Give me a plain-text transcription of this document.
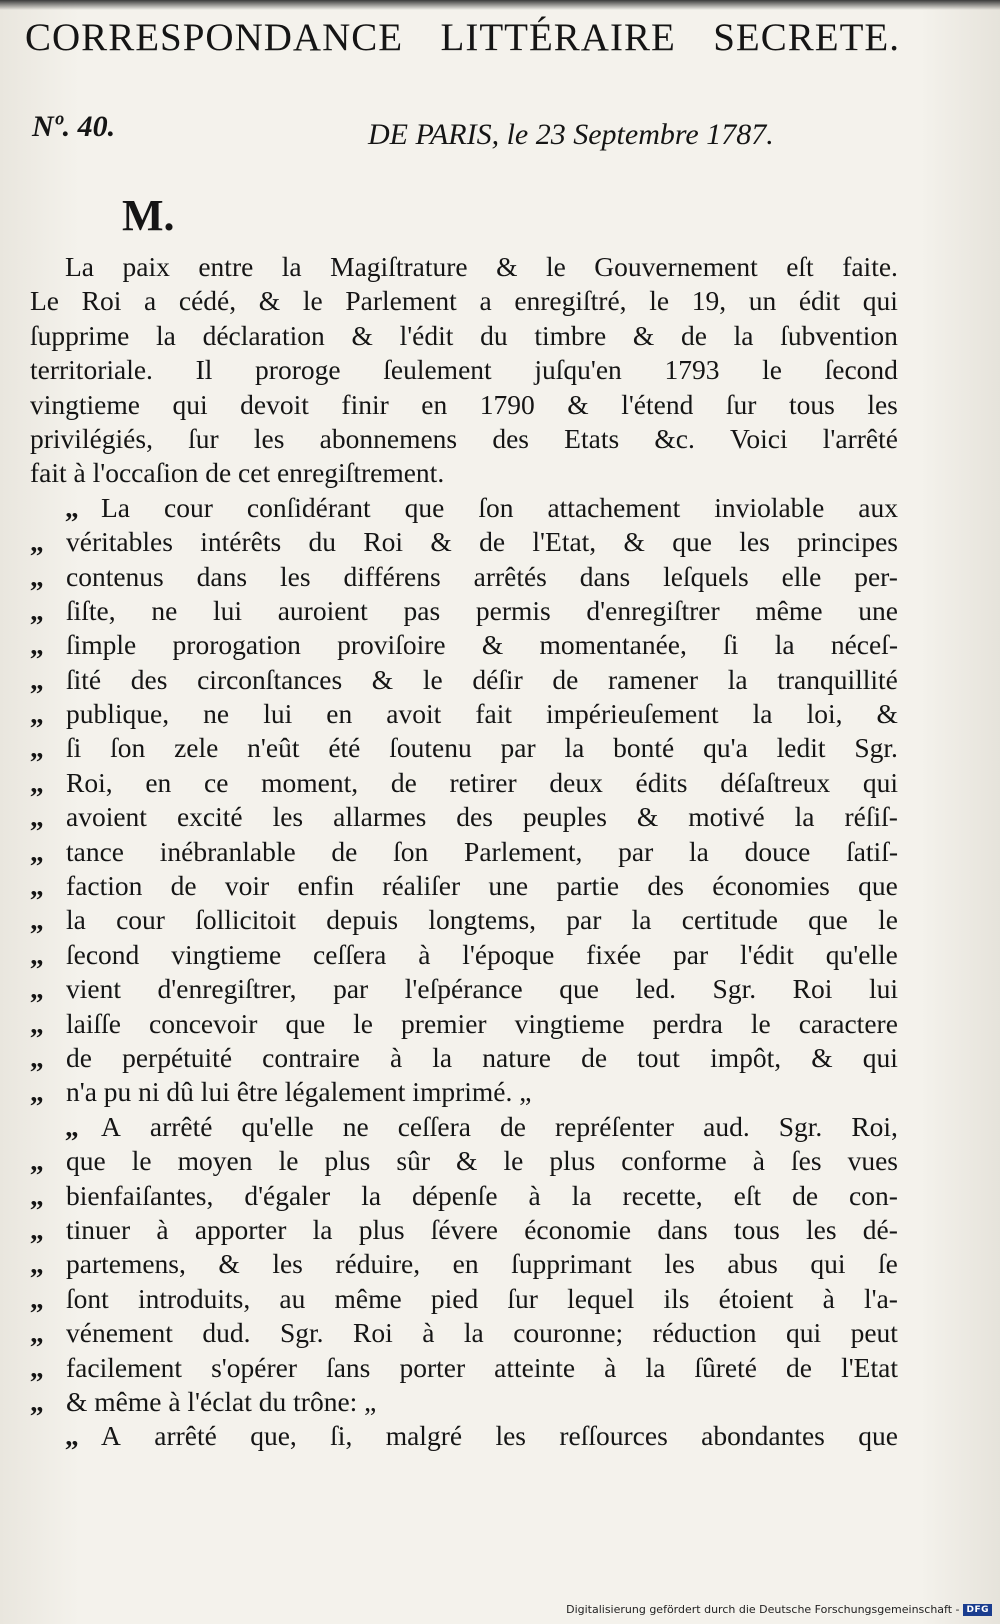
CORRESPONDANCE LITTÉRAIRE SECRETE.
Nº. 40.	DE PARIS, le 23 Septembre 1787.
M.
La paix entre la Magiſtrature & le Gouvernement eſt faite.
Le Roi a cédé, & le Parlement a enregiſtré, le 19, un édit qui
ſupprime la déclaration & l'édit du timbre & de la ſubvention
territoriale. Il proroge ſeulement juſqu'en 1793 le ſecond
vingtieme qui devoit finir en 1790 & l'étend ſur tous les
privilégiés, ſur les abonnemens des Etats &c. Voici l'arrêté
fait à l'occaſion de cet enregiſtrement.
„ La cour conſidérant que ſon attachement inviolable aux
„ véritables intérêts du Roi & de l'Etat, & que les principes
„ contenus dans les différens arrêtés dans leſquels elle per-
„ ſiſte, ne lui auroient pas permis d'enregiſtrer même une
„ ſimple prorogation proviſoire & momentanée, ſi la néceſ-
„ ſité des circonſtances & le déſir de ramener la tranquillité
„ publique, ne lui en avoit fait impérieuſement la loi, &
„ ſi ſon zele n'eût été ſoutenu par la bonté qu'a ledit Sgr.
„ Roi, en ce moment, de retirer deux édits déſaſtreux qui
„ avoient excité les allarmes des peuples & motivé la réſiſ-
„ tance inébranlable de ſon Parlement, par la douce ſatiſ-
„ faction de voir enfin réaliſer une partie des économies que
„ la cour ſollicitoit depuis longtems, par la certitude que le
„ ſecond vingtieme ceſſera à l'époque fixée par l'édit qu'elle
„ vient d'enregiſtrer, par l'eſpérance que led. Sgr. Roi lui
„ laiſſe concevoir que le premier vingtieme perdra le caractere
„ de perpétuité contraire à la nature de tout impôt, & qui
„ n'a pu ni dû lui être légalement imprimé. „
„ A arrêté qu'elle ne ceſſera de repréſenter aud. Sgr. Roi,
„ que le moyen le plus sûr & le plus conforme à ſes vues
„ bienfaiſantes, d'égaler la dépenſe à la recette, eſt de con-
„ tinuer à apporter la plus ſévere économie dans tous les dé-
„ partemens, & les réduire, en ſupprimant les abus qui ſe
„ ſont introduits, au même pied ſur lequel ils étoient à l'a-
„ vénement dud. Sgr. Roi à la couronne; réduction qui peut
„ facilement s'opérer ſans porter atteinte à la ſûreté de l'Etat
„ & même à l'éclat du trône: „
„ A arrêté que, ſi, malgré les reſſources abondantes que
Digitalisierung gefördert durch die Deutsche Forschungsgemeinschaft - DFG
